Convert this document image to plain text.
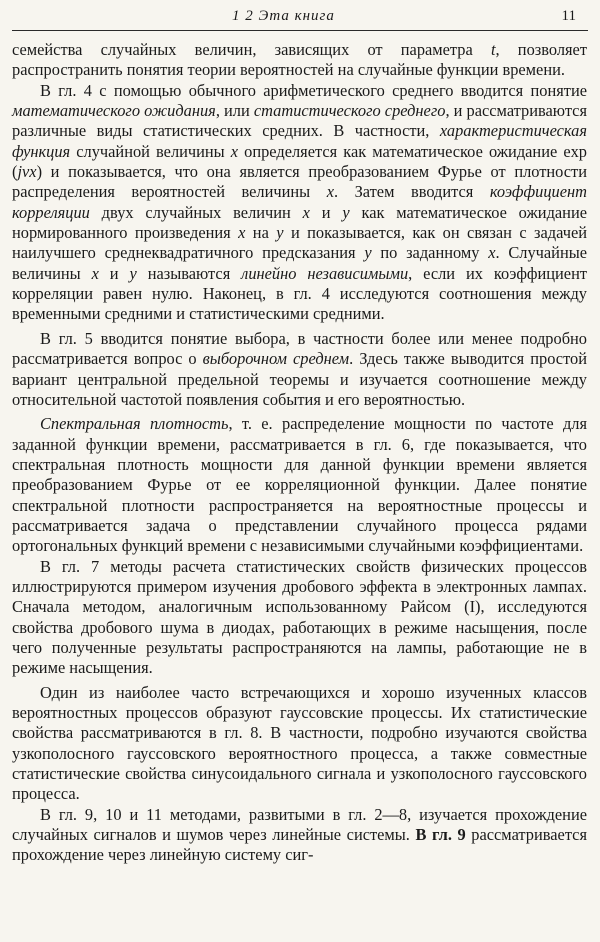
1 2 Эта книга	11

семейства случайных величин, зависящих от параметра t, позволяет распространить понятия теории вероятностей на случайные функции времени.

В гл. 4 с помощью обычного арифметического среднего вводится понятие математического ожидания, или статистического среднего, и рассматриваются различные виды статистических средних. В частности, характеристическая функция случайной величины x определяется как математическое ожидание exp (jvx) и показывается, что она является преобразованием Фурье от плотности распределения вероятностей величины x. Затем вводится коэффициент корреляции двух случайных величин x и y как математическое ожидание нормированного произведения x на y и показывается, как он связан с задачей наилучшего среднеквадратичного предсказания y по заданному x. Случайные величины x и y называются линейно независимыми, если их коэффициент корреляции равен нулю. Наконец, в гл. 4 исследуются соотношения между временными средними и статистическими средними.

В гл. 5 вводится понятие выбора, в частности более или менее подробно рассматривается вопрос о выборочном среднем. Здесь также выводится простой вариант центральной предельной теоремы и изучается соотношение между относительной частотой появления события и его вероятностью.

Спектральная плотность, т. е. распределение мощности по частоте для заданной функции времени, рассматривается в гл. 6, где показывается, что спектральная плотность мощности для данной функции времени является преобразованием Фурье от ее корреляционной функции. Далее понятие спектральной плотности распространяется на вероятностные процессы и рассматривается задача о представлении случайного процесса рядами ортогональных функций времени с независимыми случайными коэффициентами.

В гл. 7 методы расчета статистических свойств физических процессов иллюстрируются примером изучения дробового эффекта в электронных лампах. Сначала методом, аналогичным использованному Райсом (I), исследуются свойства дробового шума в диодах, работающих в режиме насыщения, после чего полученные результаты распространяются на лампы, работающие не в режиме насыщения.

Один из наиболее часто встречающихся и хорошо изученных классов вероятностных процессов образуют гауссовские процессы. Их статистические свойства рассматриваются в гл. 8. В частности, подробно изучаются свойства узкополосного гауссовского вероятностного процесса, а также совместные статистические свойства синусоидального сигнала и узкополосного гауссовского процесса.

В гл. 9, 10 и 11 методами, развитыми в гл. 2—8, изучается прохождение случайных сигналов и шумов через линейные системы. В гл. 9 рассматривается прохождение через линейную систему сиг-
